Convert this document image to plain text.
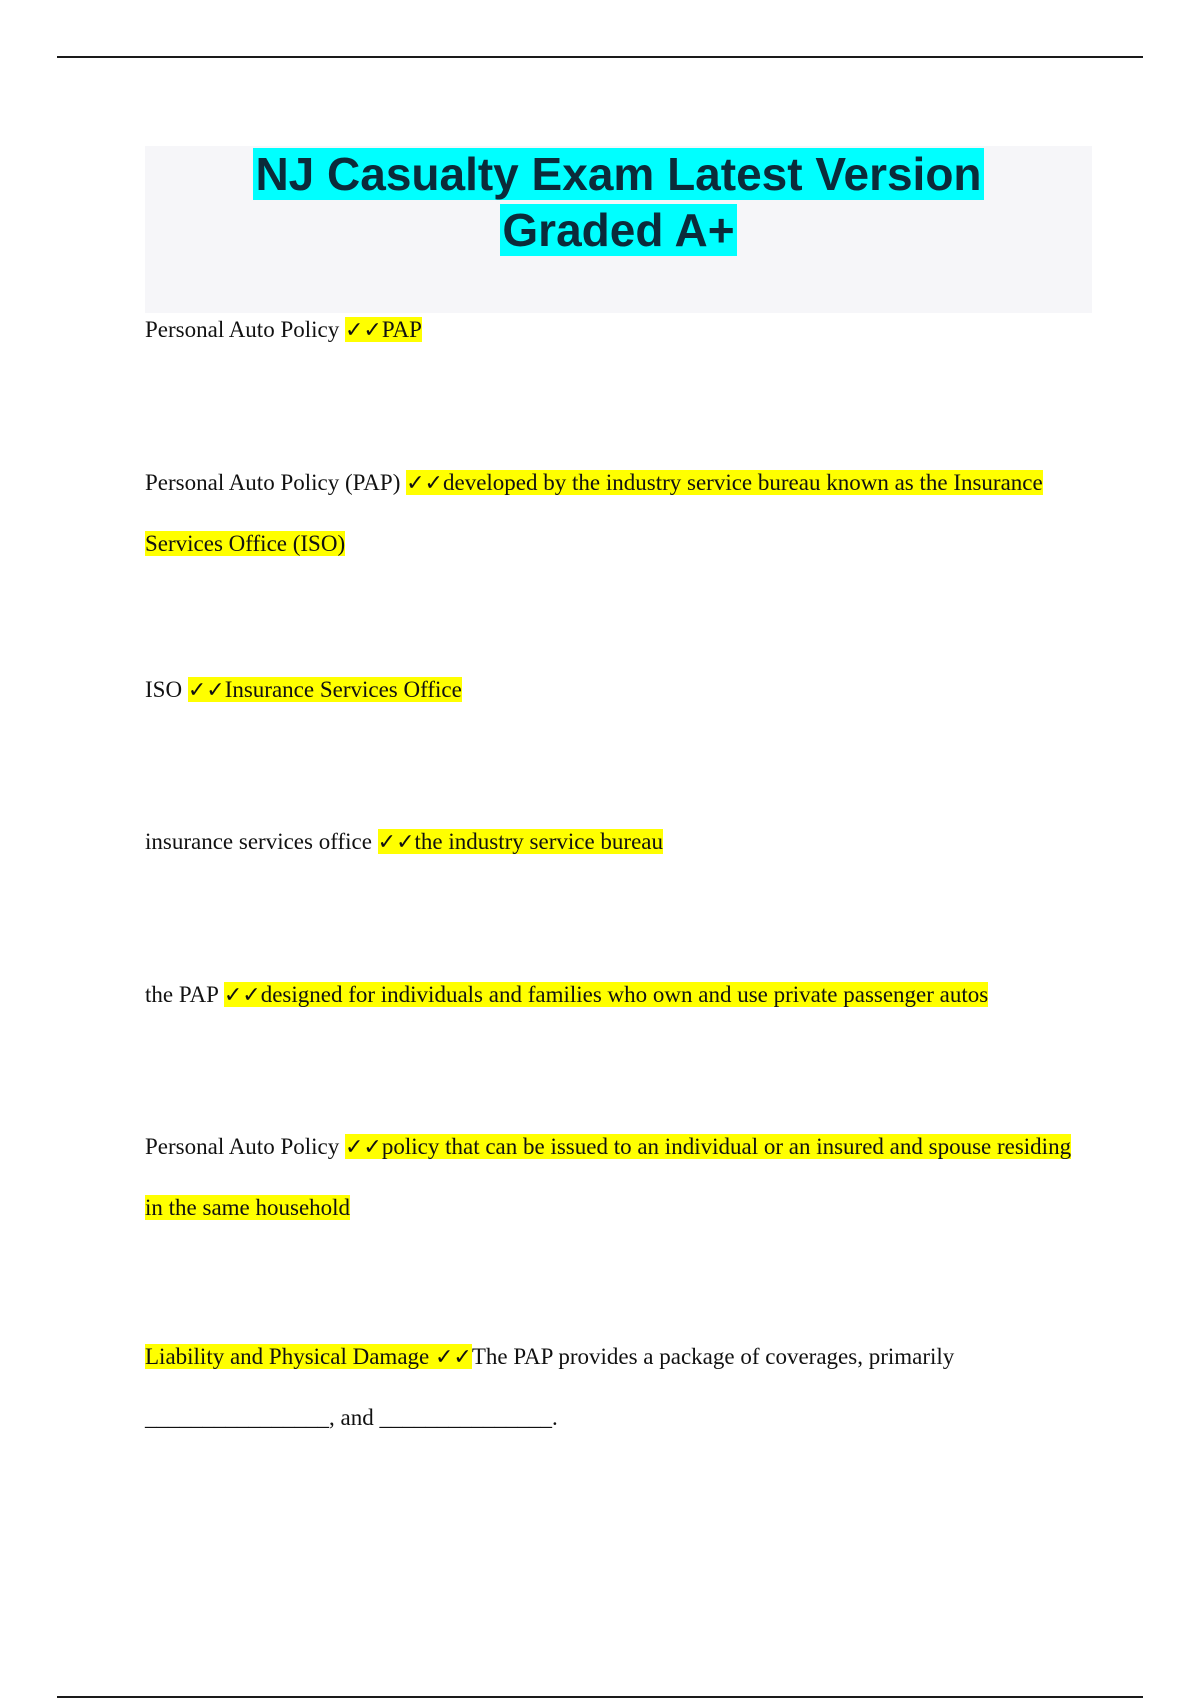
NJ Casualty Exam Latest Version
Graded A+
Personal Auto Policy ✓✓PAP
Personal Auto Policy (PAP) ✓✓developed by the industry service bureau known as the Insurance Services Office (ISO)
ISO ✓✓Insurance Services Office
insurance services office ✓✓the industry service bureau
the PAP ✓✓designed for individuals and families who own and use private passenger autos
Personal Auto Policy ✓✓policy that can be issued to an individual or an insured and spouse residing in the same household
Liability and Physical Damage ✓✓The PAP provides a package of coverages, primarily ________________, and _______________.
